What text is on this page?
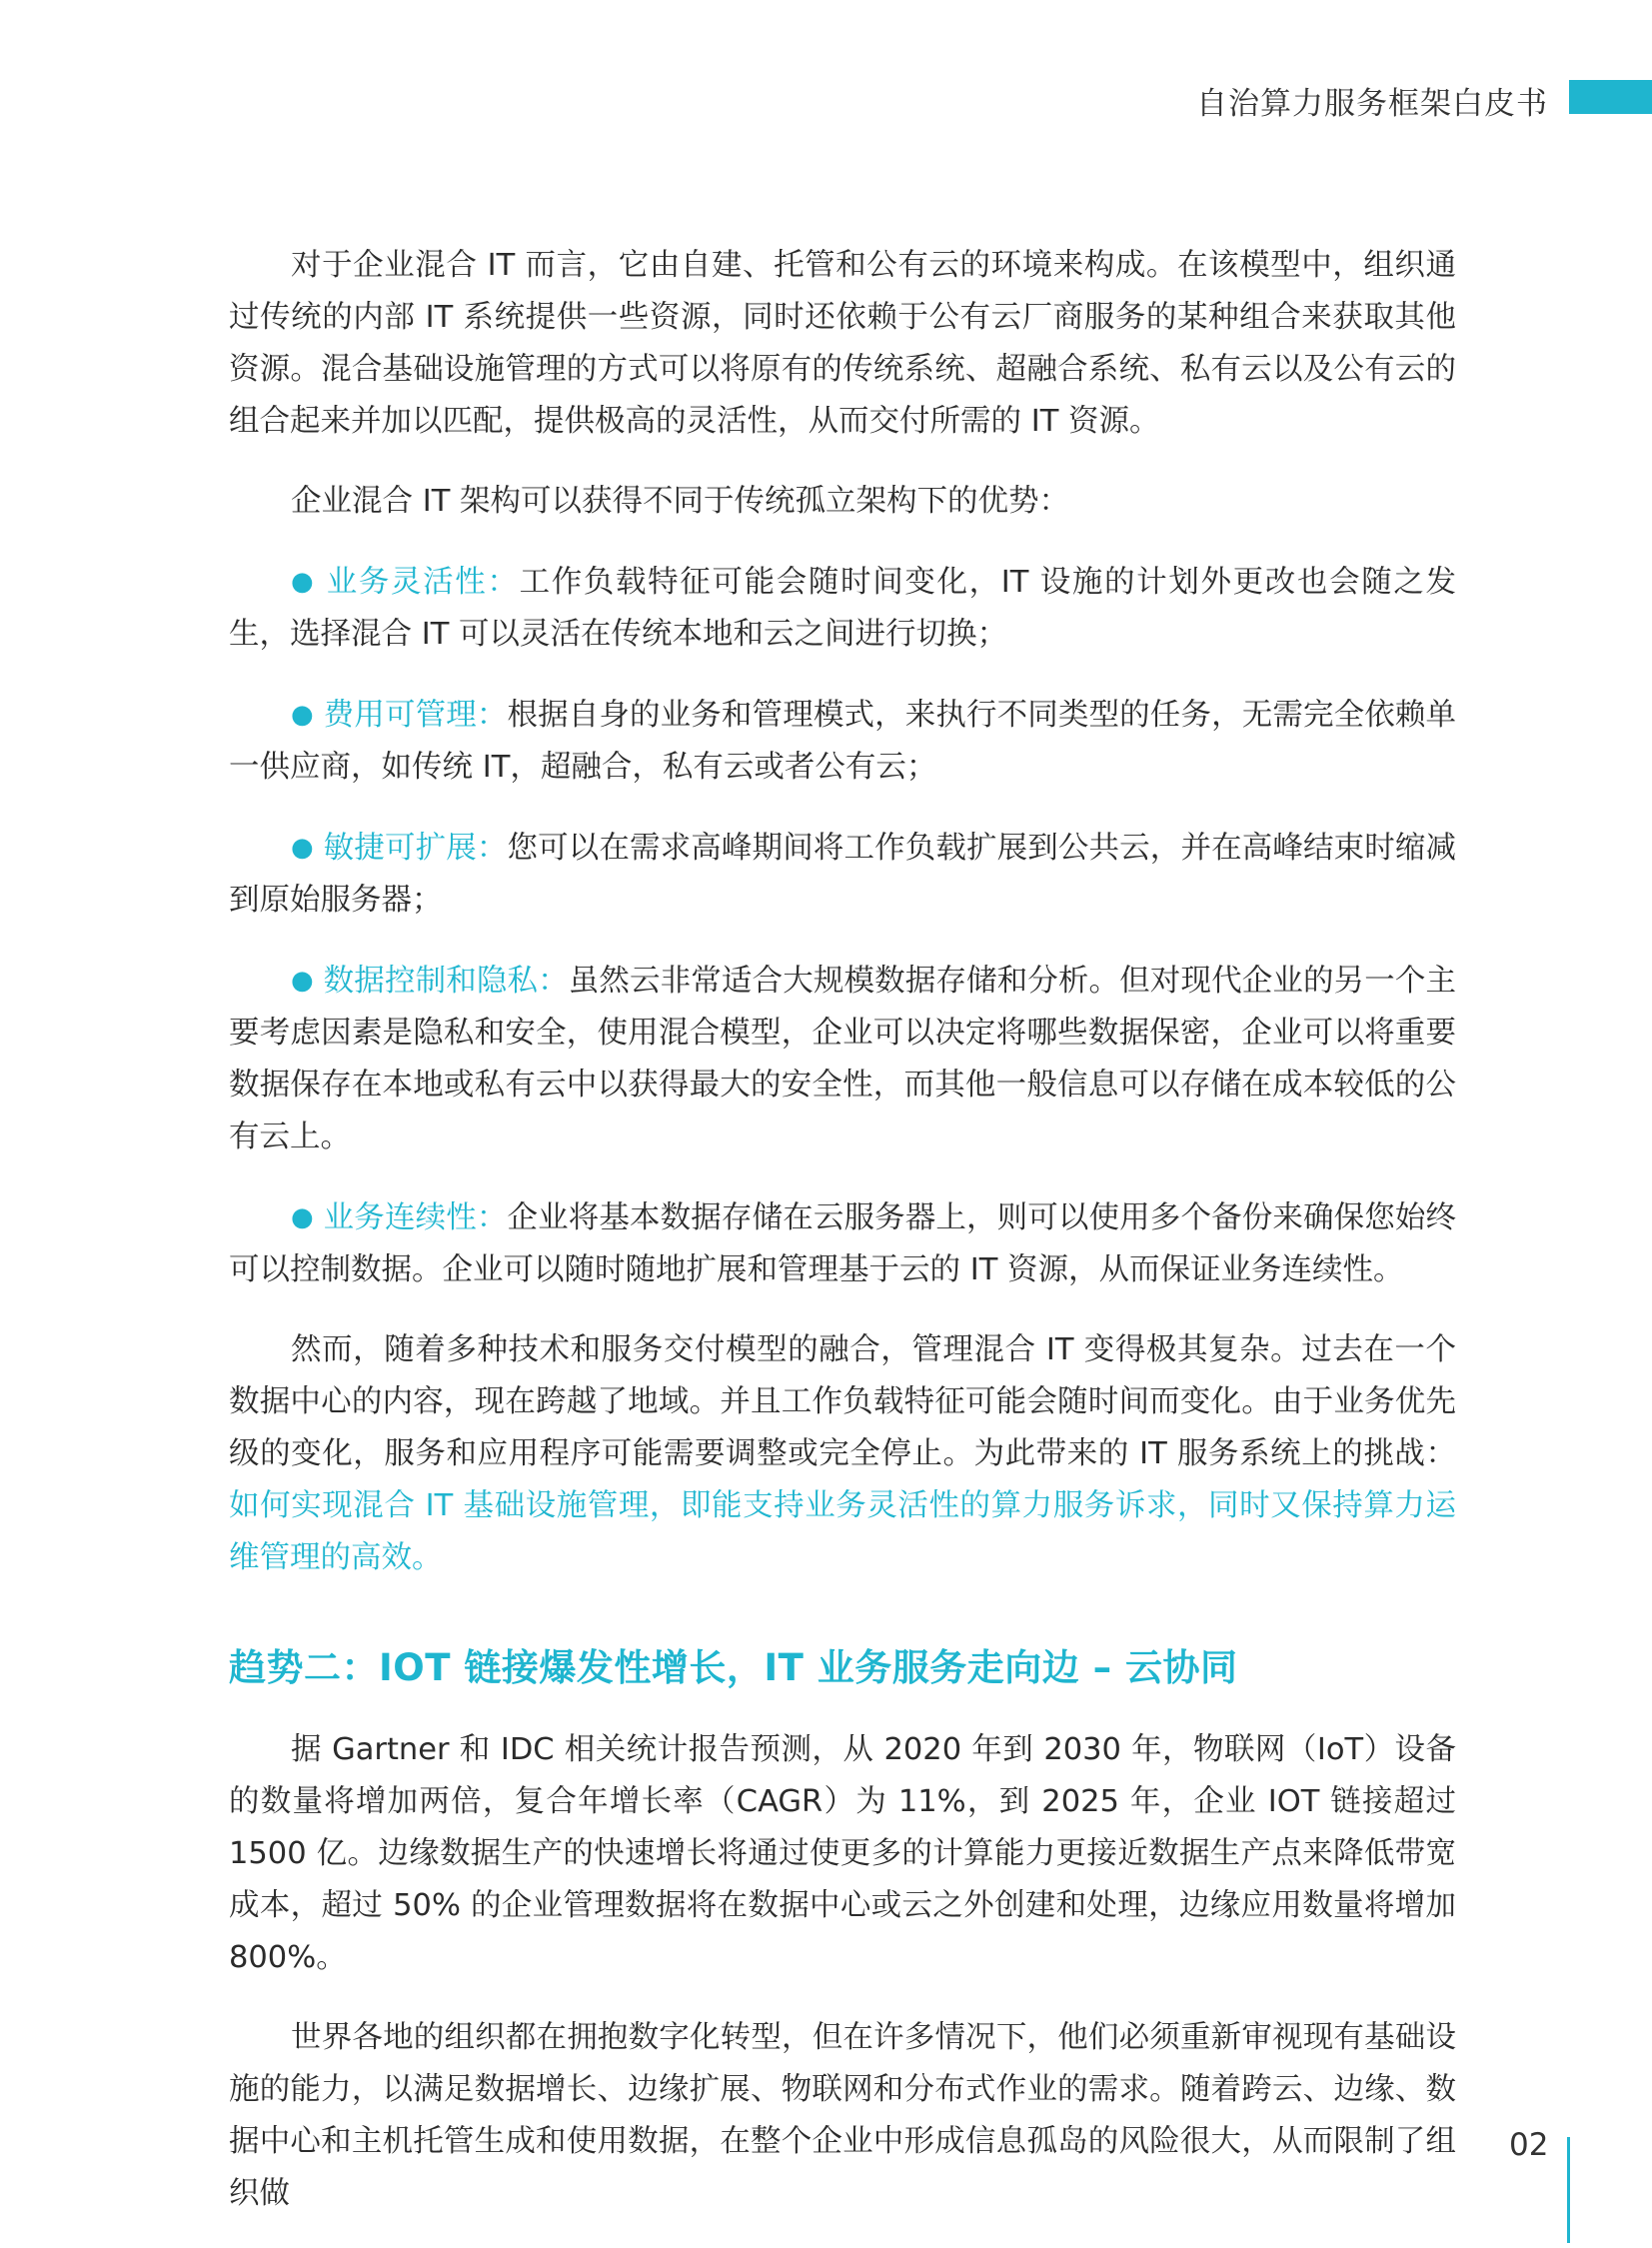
自治算力服务框架白皮书

对于企业混合 IT 而言，它由自建、托管和公有云的环境来构成。在该模型中，组织通过传统的内部 IT 系统提供一些资源，同时还依赖于公有云厂商服务的某种组合来获取其他资源。混合基础设施管理的方式可以将原有的传统系统、超融合系统、私有云以及公有云的组合起来并加以匹配，提供极高的灵活性，从而交付所需的 IT 资源。

企业混合 IT 架构可以获得不同于传统孤立架构下的优势：

● 业务灵活性：工作负载特征可能会随时间变化，IT 设施的计划外更改也会随之发生，选择混合 IT 可以灵活在传统本地和云之间进行切换；

● 费用可管理：根据自身的业务和管理模式，来执行不同类型的任务，无需完全依赖单一供应商，如传统 IT，超融合，私有云或者公有云；

● 敏捷可扩展：您可以在需求高峰期间将工作负载扩展到公共云，并在高峰结束时缩减到原始服务器；

● 数据控制和隐私：虽然云非常适合大规模数据存储和分析。但对现代企业的另一个主要考虑因素是隐私和安全，使用混合模型，企业可以决定将哪些数据保密，企业可以将重要数据保存在本地或私有云中以获得最大的安全性，而其他一般信息可以存储在成本较低的公有云上。

● 业务连续性：企业将基本数据存储在云服务器上，则可以使用多个备份来确保您始终可以控制数据。企业可以随时随地扩展和管理基于云的 IT 资源，从而保证业务连续性。

然而，随着多种技术和服务交付模型的融合，管理混合 IT 变得极其复杂。过去在一个数据中心的内容，现在跨越了地域。并且工作负载特征可能会随时间而变化。由于业务优先级的变化，服务和应用程序可能需要调整或完全停止。为此带来的 IT 服务系统上的挑战：如何实现混合 IT 基础设施管理，即能支持业务灵活性的算力服务诉求，同时又保持算力运维管理的高效。

趋势二：IOT 链接爆发性增长，IT 业务服务走向边 – 云协同

据 Gartner 和 IDC 相关统计报告预测，从 2020 年到 2030 年，物联网（IoT）设备的数量将增加两倍，复合年增长率（CAGR）为 11%，到 2025 年，企业 IOT 链接超过 1500 亿。边缘数据生产的快速增长将通过使更多的计算能力更接近数据生产点来降低带宽成本，超过 50% 的企业管理数据将在数据中心或云之外创建和处理，边缘应用数量将增加 800%。

世界各地的组织都在拥抱数字化转型，但在许多情况下，他们必须重新审视现有基础设施的能力，以满足数据增长、边缘扩展、物联网和分布式作业的需求。随着跨云、边缘、数据中心和主机托管生成和使用数据，在整个企业中形成信息孤岛的风险很大，从而限制了组织做

02
